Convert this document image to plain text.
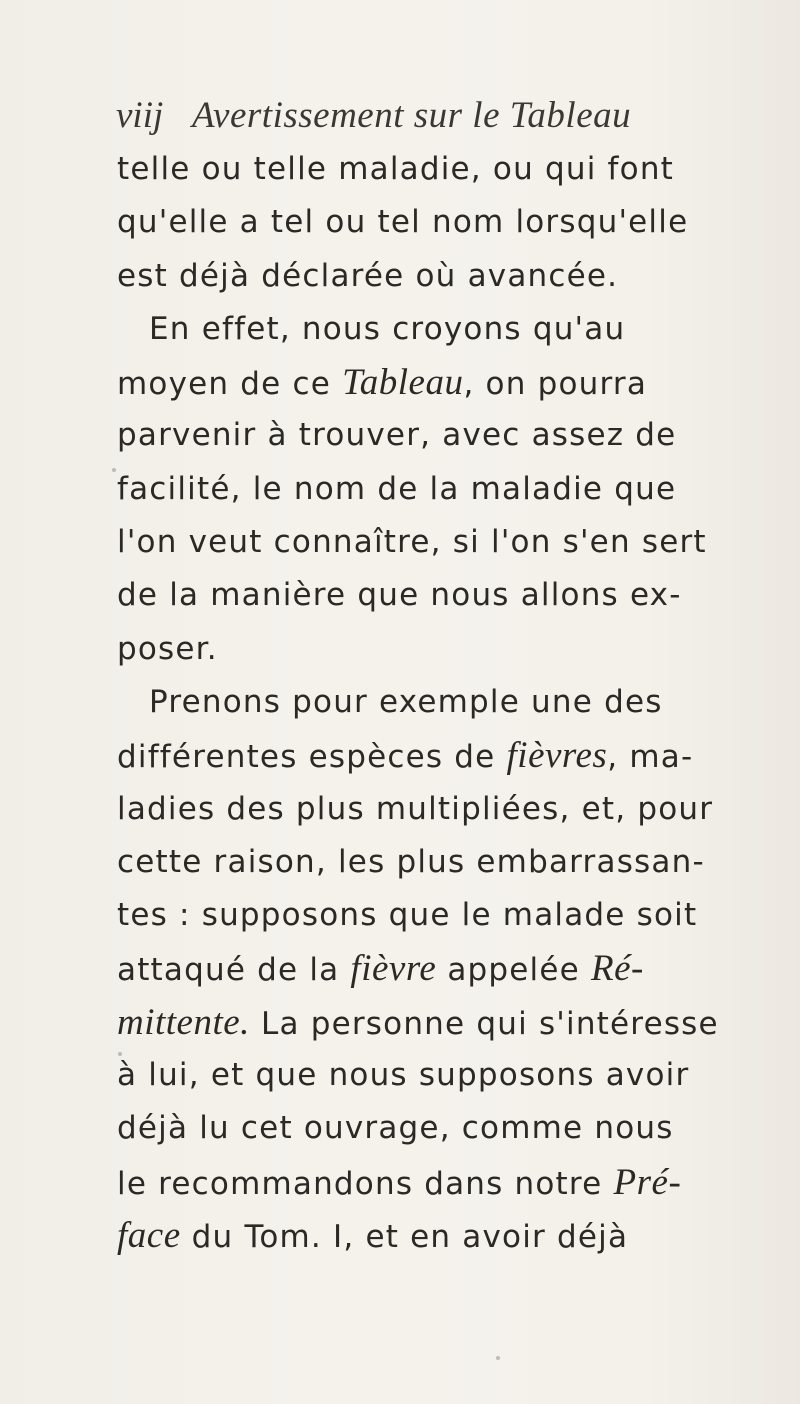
viij Avertissement sur le Tableau
telle ou telle maladie, ou qui font
qu'elle a tel ou tel nom lorsqu'elle
est déjà déclarée où avancée.
En effet, nous croyons qu'au
moyen de ce Tableau, on pourra
parvenir à trouver, avec assez de
facilité, le nom de la maladie que
l'on veut connaître, si l'on s'en sert
de la manière que nous allons ex-
poser.
Prenons pour exemple une des
différentes espèces de fièvres, ma-
ladies des plus multipliées, et, pour
cette raison, les plus embarrassan-
tes : supposons que le malade soit
attaqué de la fièvre appelée Ré-
mittente. La personne qui s'intéresse
à lui, et que nous supposons avoir
déjà lu cet ouvrage, comme nous
le recommandons dans notre Pré-
face du Tom. I, et en avoir déjà
